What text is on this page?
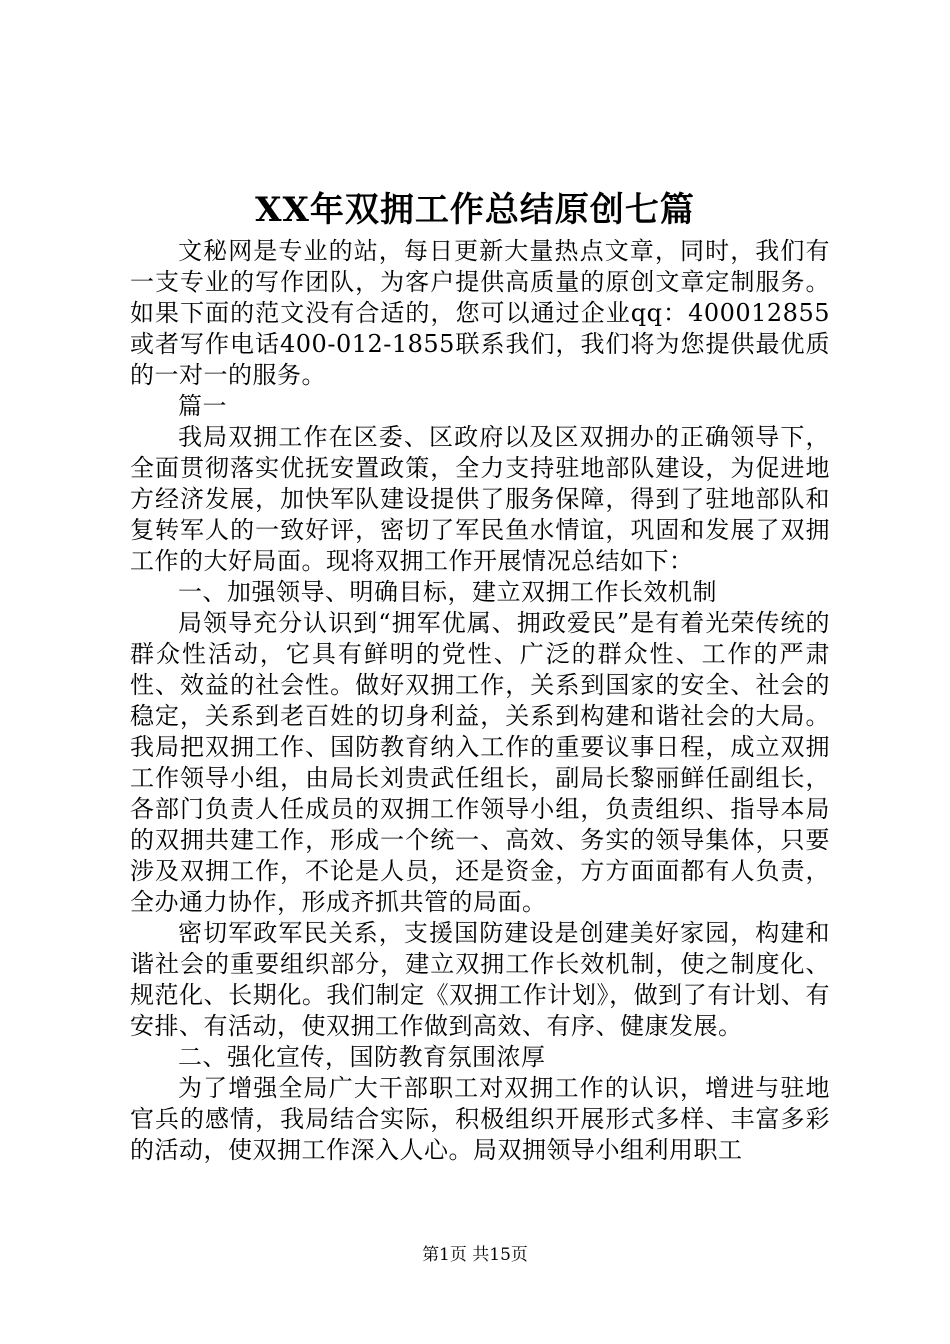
XX年双拥工作总结原创七篇

文秘网是专业的站，每日更新大量热点文章，同时，我们有一支专业的写作团队，为客户提供高质量的原创文章定制服务。如果下面的范文没有合适的，您可以通过企业qq：400012855或者写作电话400-012-1855联系我们，我们将为您提供最优质的一对一的服务。

篇一

我局双拥工作在区委、区政府以及区双拥办的正确领导下，全面贯彻落实优抚安置政策，全力支持驻地部队建设，为促进地方经济发展，加快军队建设提供了服务保障，得到了驻地部队和复转军人的一致好评，密切了军民鱼水情谊，巩固和发展了双拥工作的大好局面。现将双拥工作开展情况总结如下：

一、加强领导、明确目标，建立双拥工作长效机制

局领导充分认识到“拥军优属、拥政爱民”是有着光荣传统的群众性活动，它具有鲜明的党性、广泛的群众性、工作的严肃性、效益的社会性。做好双拥工作，关系到国家的安全、社会的稳定，关系到老百姓的切身利益，关系到构建和谐社会的大局。我局把双拥工作、国防教育纳入工作的重要议事日程，成立双拥工作领导小组，由局长刘贵武任组长，副局长黎丽鲜任副组长，各部门负责人任成员的双拥工作领导小组，负责组织、指导本局的双拥共建工作，形成一个统一、高效、务实的领导集体，只要涉及双拥工作，不论是人员，还是资金，方方面面都有人负责，全办通力协作，形成齐抓共管的局面。

密切军政军民关系，支援国防建设是创建美好家园，构建和谐社会的重要组织部分，建立双拥工作长效机制，使之制度化、规范化、长期化。我们制定《双拥工作计划》，做到了有计划、有安排、有活动，使双拥工作做到高效、有序、健康发展。

二、强化宣传，国防教育氛围浓厚

为了增强全局广大干部职工对双拥工作的认识，增进与驻地官兵的感情，我局结合实际，积极组织开展形式多样、丰富多彩的活动，使双拥工作深入人心。局双拥领导小组利用职工

第1页 共15页
